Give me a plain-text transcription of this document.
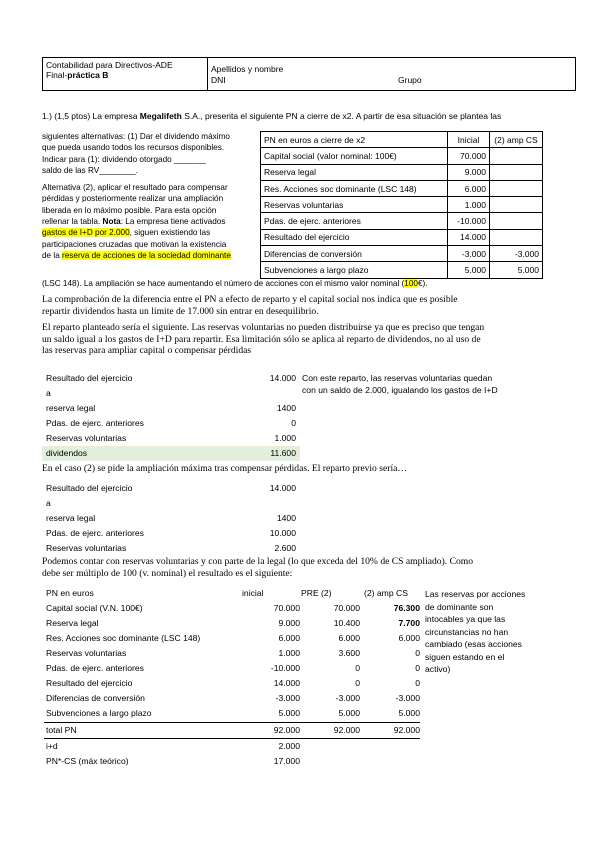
Contabilidad para Directivos-ADE
Final-práctica B
Apellidos y nombre
DNI	Grupo
1.) (1,5 ptos) La empresa Megalifeth S.A., presenta el siguiente PN a cierre de x2. A partir de esa situación se plantea las
siguientes alternativas: (1) Dar el dividendo máximo
que pueda usando todos los recursos disponibles.
Indicar para (1): dividendo otorgado _______
saldo de las RV________.
Alternativa (2), aplicar el resultado para compensar
pérdidas y posteriormente realizar una ampliación
liberada en lo máximo posible. Para esta opción
rellenar la tabla. Nota: La empresa tiene activados
gastos de I+D por 2.000, siguen existiendo las
participaciones cruzadas que motivan la existencia
de la reserva de acciones de la sociedad dominante
(LSC 148). La ampliación se hace aumentando el número de acciones con el mismo valor nominal (100€).
PN en euros a cierre de x2	Inicial	(2) amp CS
Capital social (valor nominal: 100€)	70.000	
Reserva legal	9.000	
Res. Acciones soc dominante (LSC 148)	6.000	
Reservas voluntarias	1.000	
Pdas. de ejerc. anteriores	-10.000	
Resultado del ejercicio	14.000	
Diferencias de conversión	-3.000	-3.000
Subvenciones a largo plazo	5.000	5.000
La comprobación de la diferencia entre el PN a efecto de reparto y el capital social nos indica que es posible
repartir dividendos hasta un límite de 17.000 sin entrar en desequilibrio.
El reparto planteado sería el siguiente. Las reservas voluntarias no pueden distribuirse ya que es preciso que tengan
un saldo igual a los gastos de I+D para repartir. Esa limitación sólo se aplica al reparto de dividendos, no al uso de
las reservas para ampliar capital o compensar pérdidas
Resultado del ejercicio	14.000
a
reserva legal	1400
Pdas. de ejerc. anteriores	0
Reservas voluntarias	1.000
dividendos	11.600
Con este reparto, las reservas voluntarias quedan
con un saldo de 2.000, igualando los gastos de I+D
En el caso (2) se pide la ampliación máxima tras compensar pérdidas. El reparto previo sería…
Resultado del ejercicio	14.000
a
reserva legal	1400
Pdas. de ejerc. anteriores	10.000
Reservas voluntarias	2.600
Podemos contar con reservas voluntarias y con parte de la legal (lo que exceda del 10% de CS ampliado). Como
debe ser múltiplo de 100 (v. nominal) el resultado es el siguiente:
PN en euros	inicial	PRE (2)	(2) amp CS
Capital social (V.N. 100€)	70.000	70.000	76.300
Reserva legal	9.000	10.400	7.700
Res. Acciones soc dominante (LSC 148)	6.000	6.000	6.000
Reservas voluntarias	1.000	3.600	0
Pdas. de ejerc. anteriores	-10.000	0	0
Resultado del ejercicio	14.000	0	0
Diferencias de conversión	-3.000	-3.000	-3.000
Subvenciones a largo plazo	5.000	5.000	5.000
total PN	92.000	92.000	92.000
i+d	2.000
PN*-CS (máx teórico)	17.000
Las reservas por acciones
de dominante son
intocables ya que las
circunstancias no han
cambiado (esas acciones
siguen estando en el
activo)
